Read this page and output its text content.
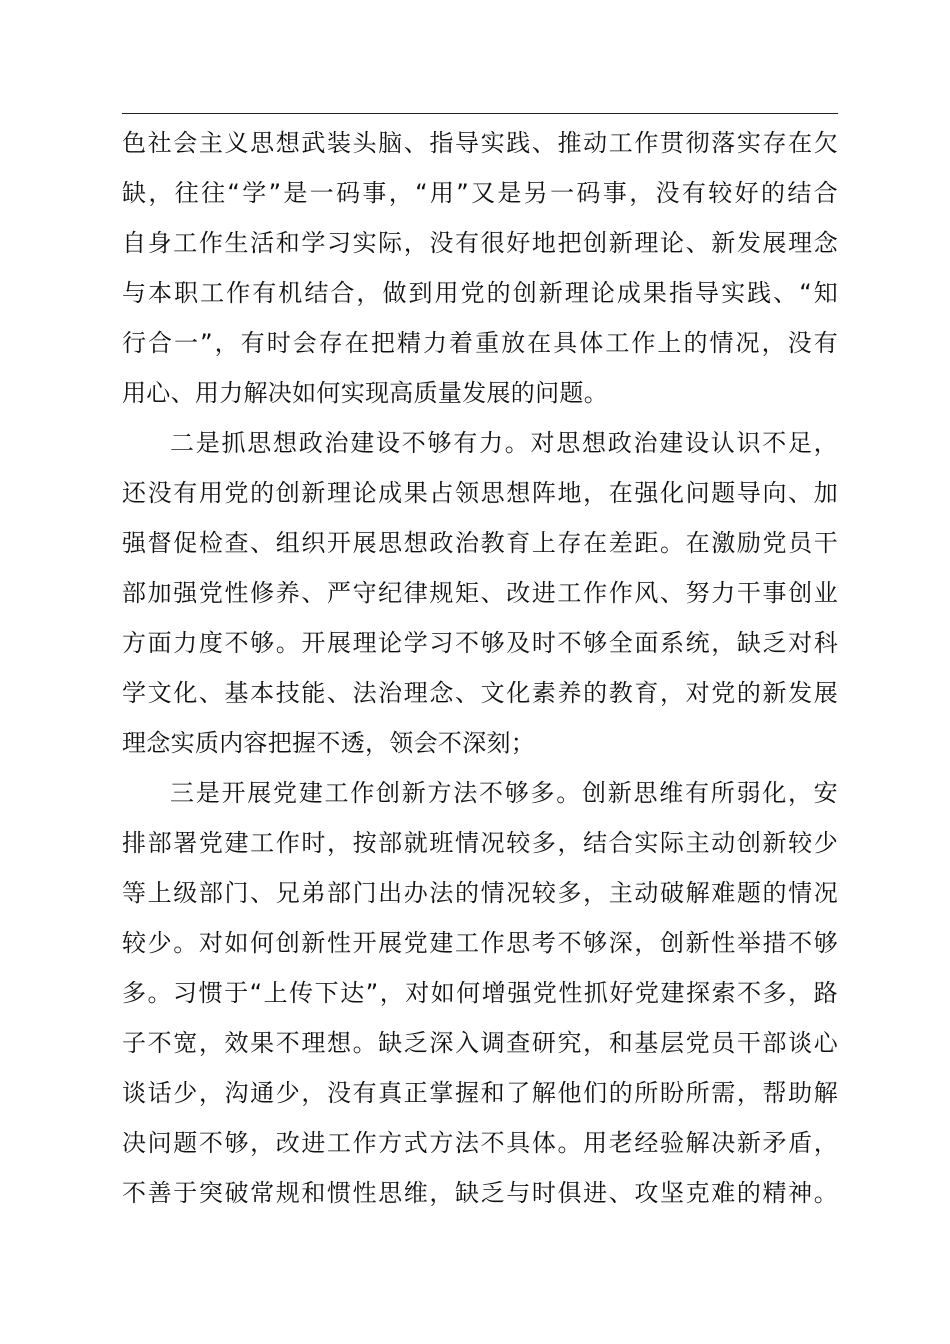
色社会主义思想武装头脑、指导实践、推动工作贯彻落实存在欠
缺，往往“学”是一码事，“用”又是另一码事，没有较好的结合
自身工作生活和学习实际，没有很好地把创新理论、新发展理念
与本职工作有机结合，做到用党的创新理论成果指导实践、“知
行合一”，有时会存在把精力着重放在具体工作上的情况，没有
用心、用力解决如何实现高质量发展的问题。
二是抓思想政治建设不够有力。对思想政治建设认识不足，
还没有用党的创新理论成果占领思想阵地，在强化问题导向、加
强督促检查、组织开展思想政治教育上存在差距。在激励党员干
部加强党性修养、严守纪律规矩、改进工作作风、努力干事创业
方面力度不够。开展理论学习不够及时不够全面系统，缺乏对科
学文化、基本技能、法治理念、文化素养的教育，对党的新发展
理念实质内容把握不透，领会不深刻；
三是开展党建工作创新方法不够多。创新思维有所弱化，安
排部署党建工作时，按部就班情况较多，结合实际主动创新较少
等上级部门、兄弟部门出办法的情况较多，主动破解难题的情况
较少。对如何创新性开展党建工作思考不够深，创新性举措不够
多。习惯于“上传下达”，对如何增强党性抓好党建探索不多，路
子不宽，效果不理想。缺乏深入调查研究，和基层党员干部谈心
谈话少，沟通少，没有真正掌握和了解他们的所盼所需，帮助解
决问题不够，改进工作方式方法不具体。用老经验解决新矛盾，
不善于突破常规和惯性思维，缺乏与时俱进、攻坚克难的精神。
